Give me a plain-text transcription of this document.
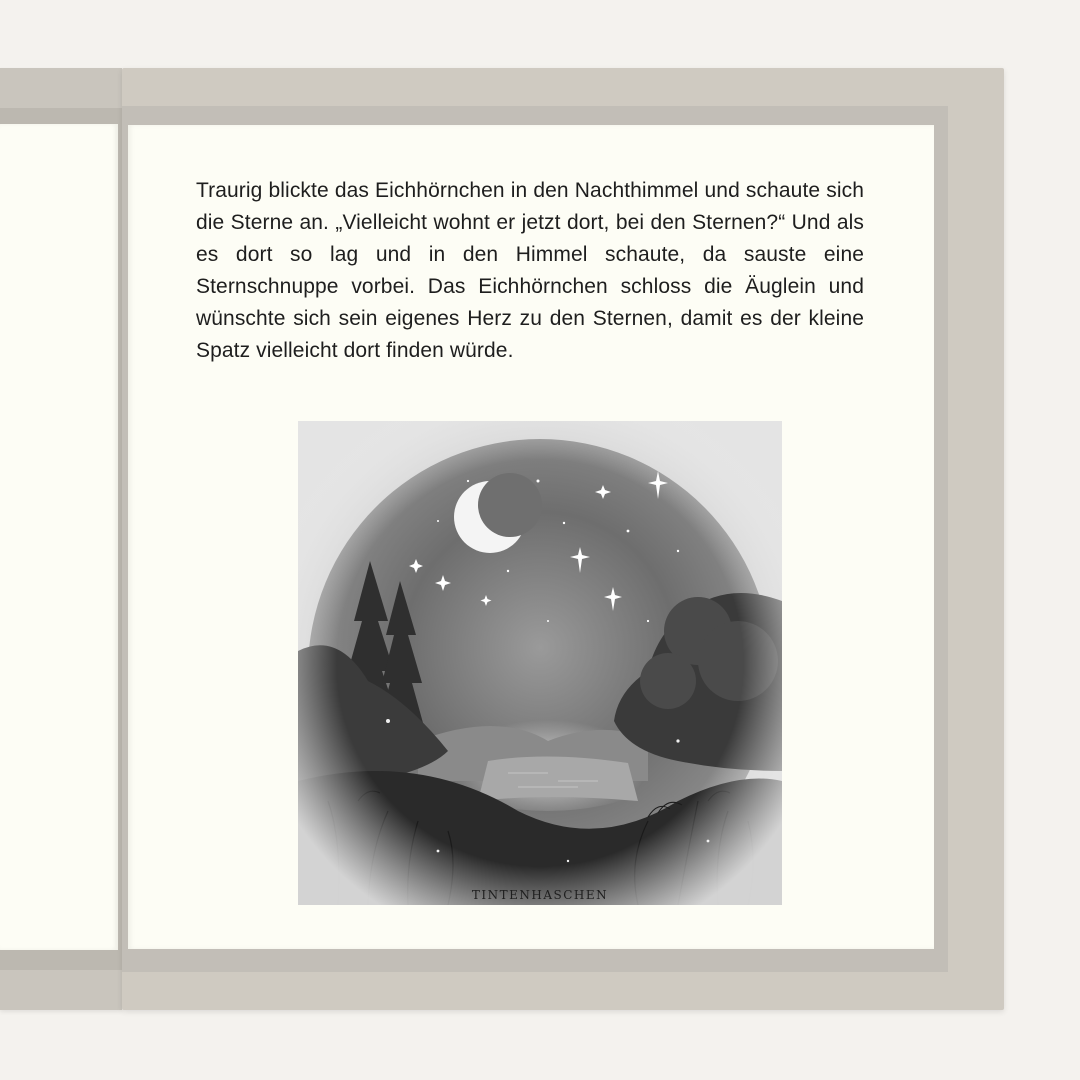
Traurig blickte das Eichhörnchen in den Nachthimmel und schaute sich die Sterne an. „Vielleicht wohnt er jetzt dort, bei den Sternen?“ Und als es dort so lag und in den Himmel schaute, da sauste eine Sternschnuppe vorbei. Das Eichhörnchen schloss die Äuglein und wünschte sich sein eigenes Herz zu den Sternen, damit es der kleine Spatz vielleicht dort finden würde.

TINTENHASCHEN
